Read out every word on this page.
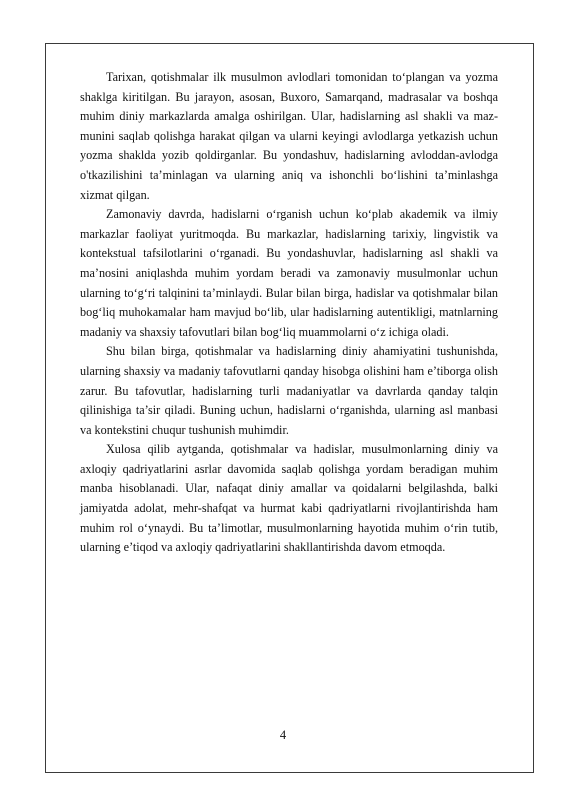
Tarixan, qotishmalar ilk musulmon avlodlari tomonidan to‘plangan va yozma shaklga kiritilgan. Bu jarayon, asosan, Buxoro, Samarqand, madrasalar va boshqa muhim diniy markazlarda amalga oshirilgan. Ular, hadislarning asl shakli va mazmunini saqlab qolishga harakat qilgan va ularni keyingi avlodlarga yetkazish uchun yozma shaklda yozib qoldirganlar. Bu yondashuv, hadislarning avloddan-avlodga o'tkazilishini ta’minlagan va ularning aniq va ishonchli bo‘lishini ta’minlashga xizmat qilgan.

Zamonaviy davrda, hadislarni o‘rganish uchun ko‘plab akademik va ilmiy markazlar faoliyat yuritmoqda. Bu markazlar, hadislarning tarixiy, lingvistik va kontekstual tafsilotlarini o‘rganadi. Bu yondashuvlar, hadislarning asl shakli va ma’nosini aniqlashda muhim yordam beradi va zamonaviy musulmonlar uchun ularning to‘g‘ri talqinini ta’minlaydi. Bular bilan birga, hadislar va qotishmalar bilan bog‘liq muhokamalar ham mavjud bo‘lib, ular hadislarning autentikligi, matnlarning madaniy va shaxsiy tafovutlari bilan bog‘liq muammolarni o‘z ichiga oladi.

Shu bilan birga, qotishmalar va hadislarning diniy ahamiyatini tushunishda, ularning shaxsiy va madaniy tafovutlarni qanday hisobga olishini ham e’tiborga olish zarur. Bu tafovutlar, hadislarning turli madaniyatlar va davrlarda qanday talqin qilinishiga ta’sir qiladi. Buning uchun, hadislarni o‘rganishda, ularning asl manbasi va kontekstini chuqur tushunish muhimdir.

Xulosa qilib aytganda, qotishmalar va hadislar, musulmonlarning diniy va axloqiy qadriyatlarini asrlar davomida saqlab qolishga yordam beradigan muhim manba hisoblanadi. Ular, nafaqat diniy amallar va qoidalarni belgilashda, balki jamiyatda adolat, mehr-shafqat va hurmat kabi qadriyatlarni rivojlantirishda ham muhim rol o‘ynaydi. Bu ta’limotlar, musulmonlarning hayotida muhim o‘rin tutib, ularning e’tiqod va axloqiy qadriyatlarini shakllantirishda davom etmoqda.

4
